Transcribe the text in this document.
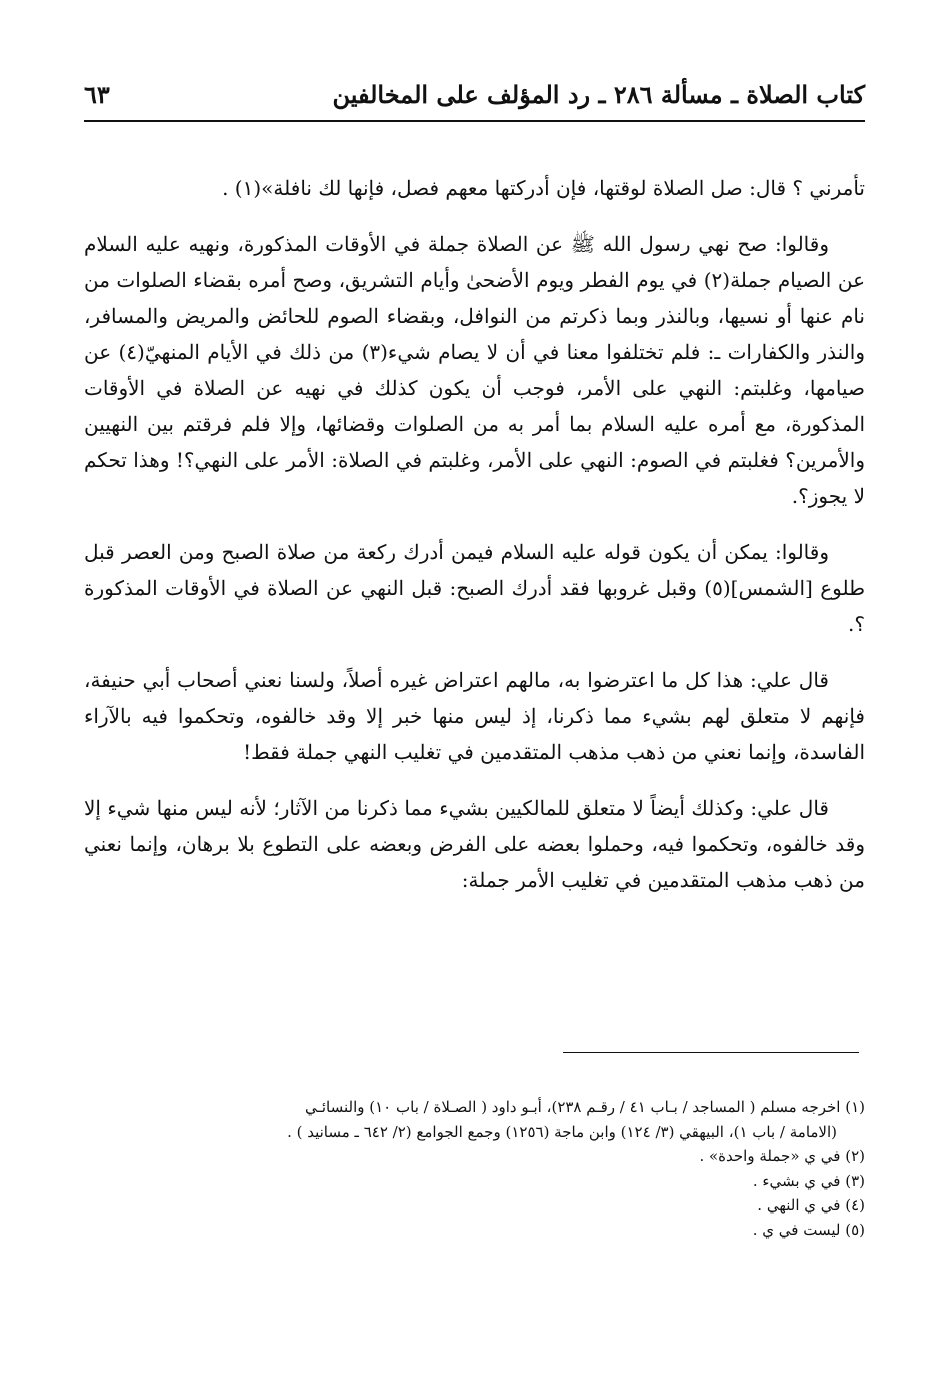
كتاب الصلاة ـ مسألة ٢٨٦ ـ رد المؤلف على المخالفين
٦٣

تأمرني ؟ قال: صل الصلاة لوقتها، فإن أدركتها معهم فصل، فإنها لك نافلة»(١) .

وقالوا: صح نهي رسول الله ﷺ عن الصلاة جملة في الأوقات المذكورة، ونهيه عليه السلام عن الصيام جملة(٢) في يوم الفطر ويوم الأضحىٰ وأيام التشريق، وصح أمره بقضاء الصلوات من نام عنها أو نسيها، وبالنذر وبما ذكرتم من النوافل، وبقضاء الصوم للحائض والمريض والمسافر، والنذر والكفارات ـ: فلم تختلفوا معنا في أن لا يصام شيء(٣) من ذلك في الأيام المنهيّ(٤) عن صيامها، وغلبتم: النهي على الأمر، فوجب أن يكون كذلك في نهيه عن الصلاة في الأوقات المذكورة، مع أمره عليه السلام بما أمر به من الصلوات وقضائها، وإلا فلم فرقتم بين النهيين والأمرين؟ فغلبتم في الصوم: النهي على الأمر، وغلبتم في الصلاة: الأمر على النهي؟! وهذا تحكم لا يجوز؟.

وقالوا: يمكن أن يكون قوله عليه السلام فيمن أدرك ركعة من صلاة الصبح ومن العصر قبل طلوع [الشمس](٥) وقبل غروبها فقد أدرك الصبح: قبل النهي عن الصلاة في الأوقات المذكورة ؟.

قال علي: هذا كل ما اعترضوا به، مالهم اعتراض غيره أصلاً، ولسنا نعني أصحاب أبي حنيفة، فإنهم لا متعلق لهم بشيء مما ذكرنا، إذ ليس منها خبر إلا وقد خالفوه، وتحكموا فيه بالآراء الفاسدة، وإنما نعني من ذهب مذهب المتقدمين في تغليب النهي جملة فقط!

قال علي: وكذلك أيضاً لا متعلق للمالكيين بشيء مما ذكرنا من الآثار؛ لأنه ليس منها شيء إلا وقد خالفوه، وتحكموا فيه، وحملوا بعضه على الفرض وبعضه على التطوع بلا برهان، وإنما نعني من ذهب مذهب المتقدمين في تغليب الأمر جملة:

(١) اخرجه مسلم ( المساجد / بـاب ٤١ / رقـم ٢٣٨)، أبـو داود ( الصـلاة / باب ١٠) والنسائـي
(الامامة / باب ١)، البيهقي (٣/ ١٢٤) وابن ماجة (١٢٥٦) وجمع الجوامع (٢/ ٦٤٢ ـ مسانيد ) .
(٢) في ي «جملة واحدة» .
(٣) في ي بشيء .
(٤) في ي النهي .
(٥) ليست في ي .
